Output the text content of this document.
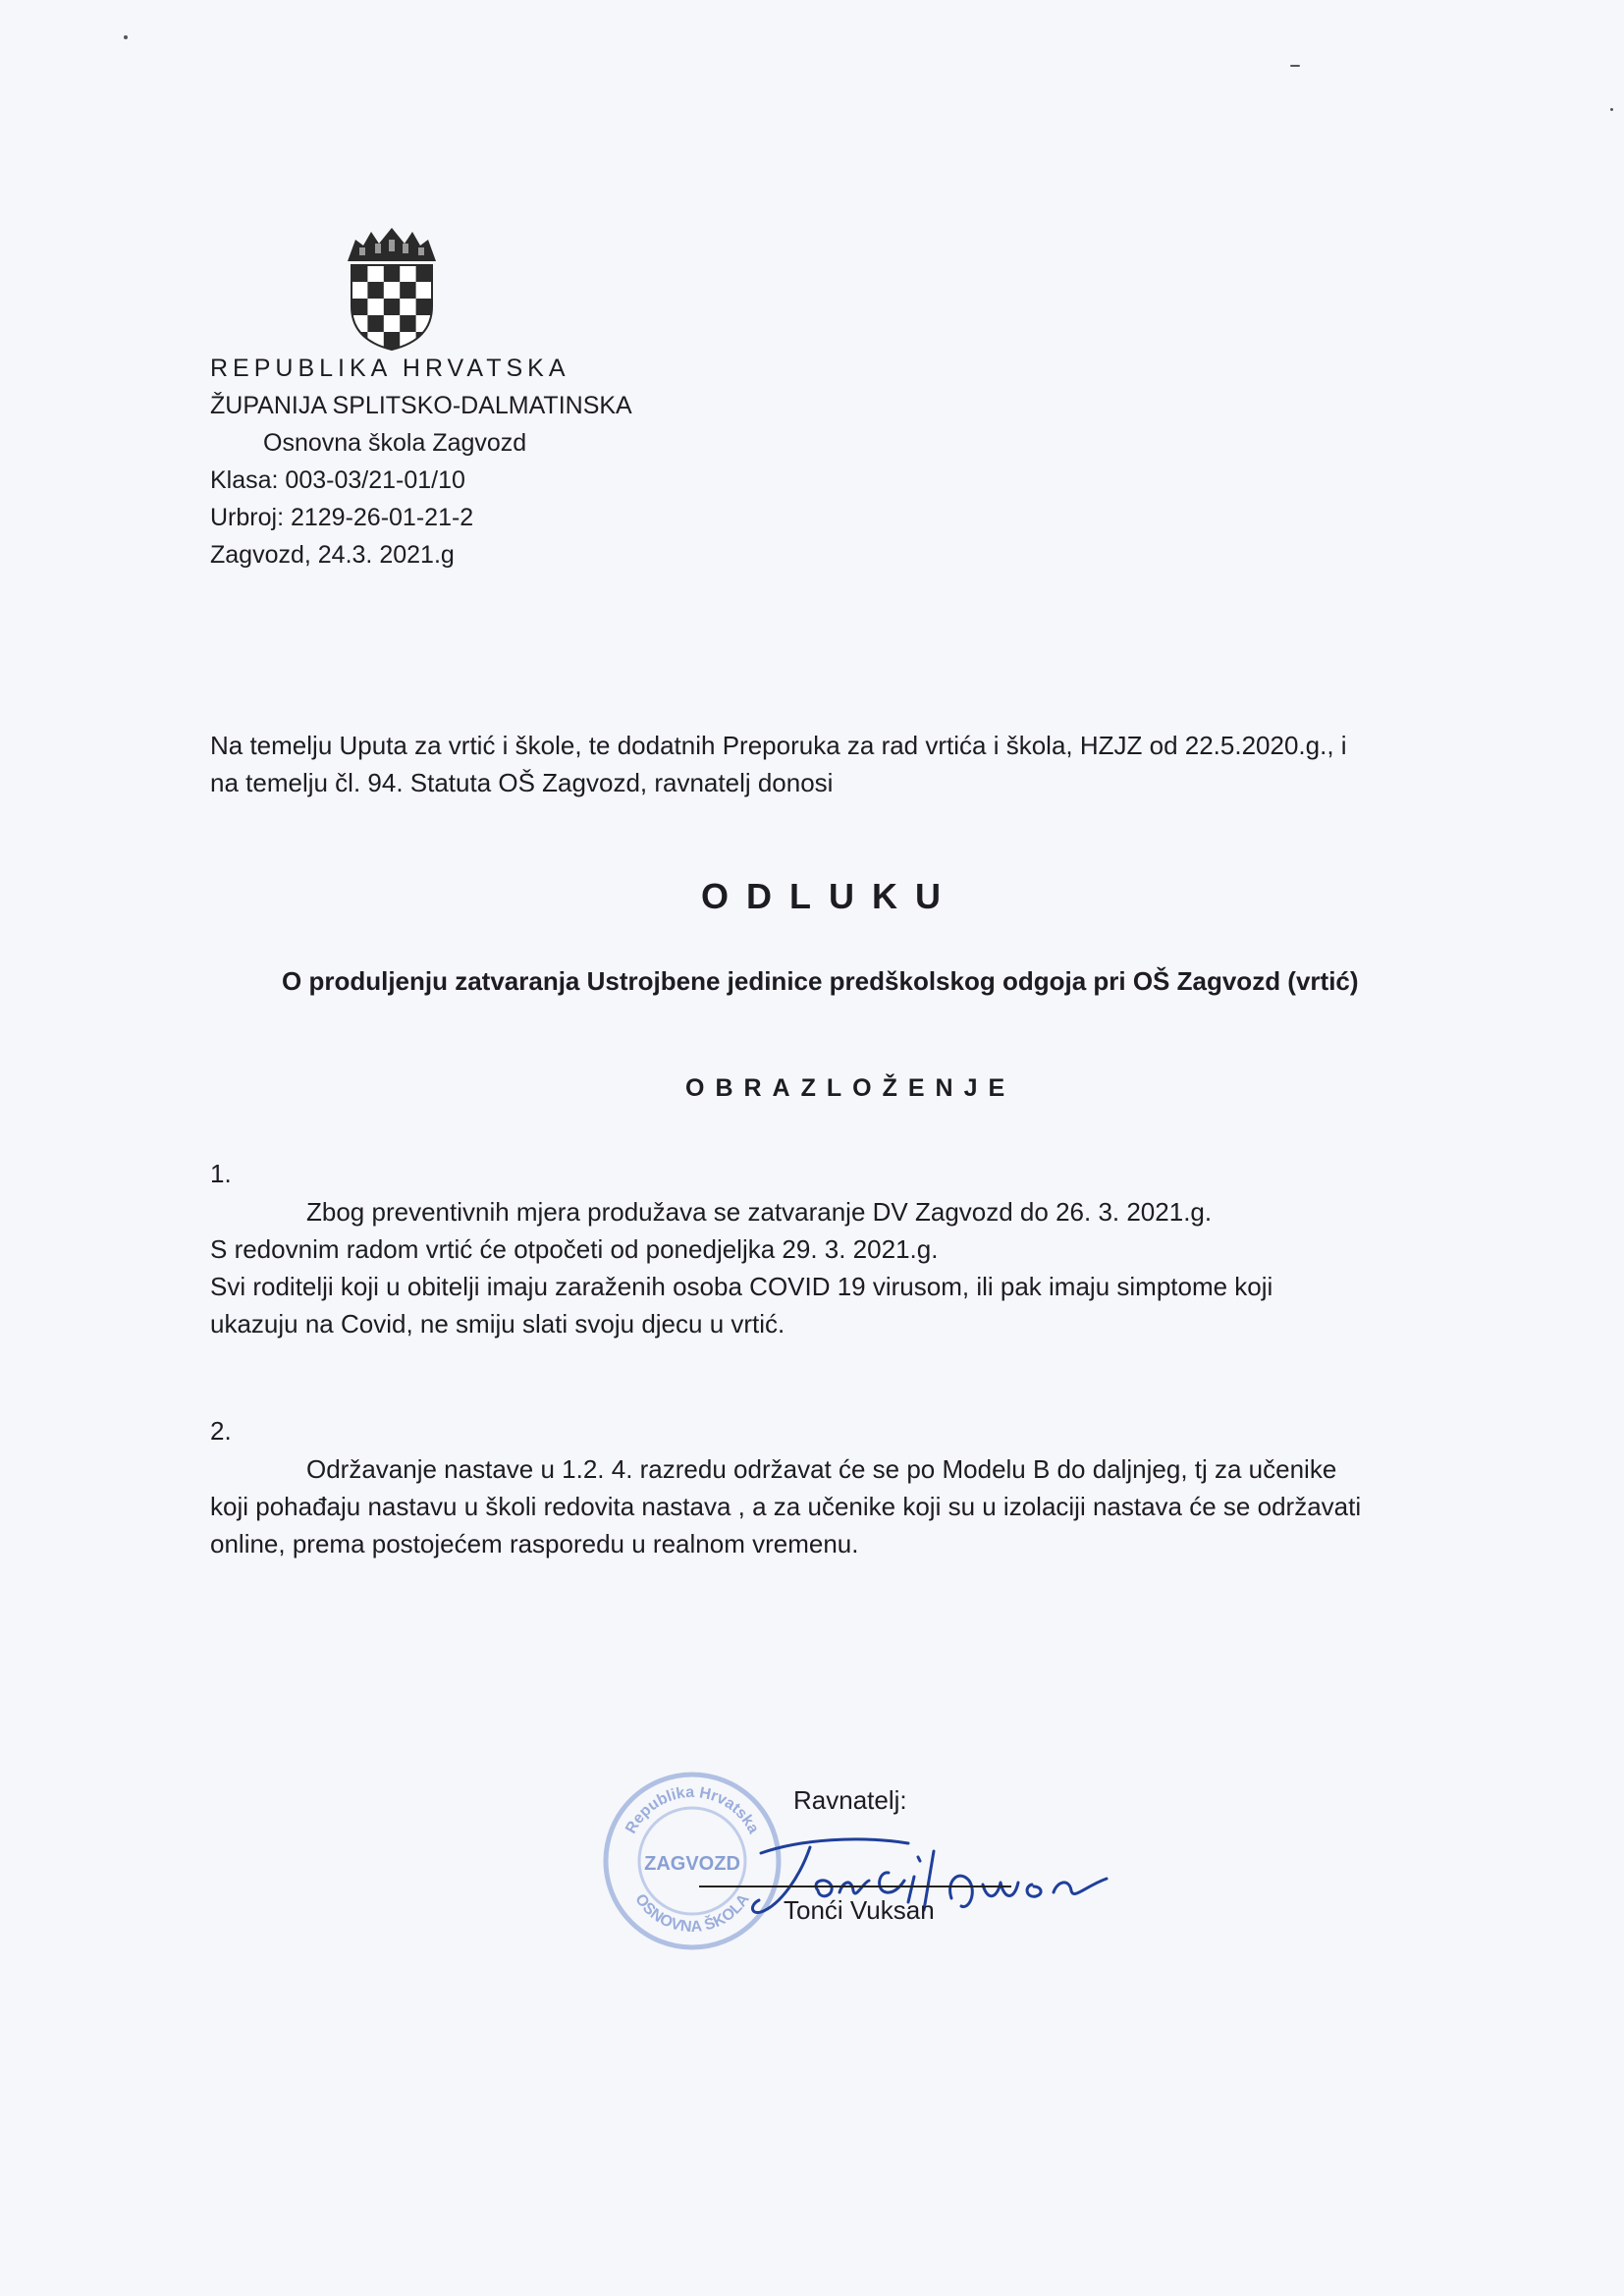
REPUBLIKA HRVATSKA
ŽUPANIJA SPLITSKO-DALMATINSKA
Osnovna škola Zagvozd
Klasa: 003-03/21-01/10
Urbroj: 2129-26-01-21-2
Zagvozd, 24.3. 2021.g
Na temelju Uputa za vrtić i škole, te dodatnih Preporuka za rad vrtića i škola, HZJZ od 22.5.2020.g., i
na temelju čl. 94. Statuta OŠ Zagvozd, ravnatelj donosi
ODLUKU
O produljenju zatvaranja Ustrojbene jedinice predškolskog odgoja pri OŠ Zagvozd (vrtić)
OBRAZLOŽENJE
1.
Zbog preventivnih mjera produžava se zatvaranje DV Zagvozd do 26. 3. 2021.g.
S redovnim radom vrtić će otpočeti od ponedjeljka 29. 3. 2021.g.
Svi roditelji koji u obitelji imaju zaraženih osoba COVID 19 virusom, ili pak imaju simptome koji
ukazuju na Covid, ne smiju slati svoju djecu u vrtić.
2.
Održavanje nastave u 1.2. 4. razredu održavat će se po Modelu B do daljnjeg, tj za učenike
koji pohađaju nastavu u školi redovita nastava , a za učenike koji su u izolaciji nastava će se održavati
online, prema postojećem rasporedu u realnom vremenu.
Republika Hrvatska
OSNOVNA ŠKOLA
ZAGVOZD
Ravnatelj:
Tonći Vuksan
